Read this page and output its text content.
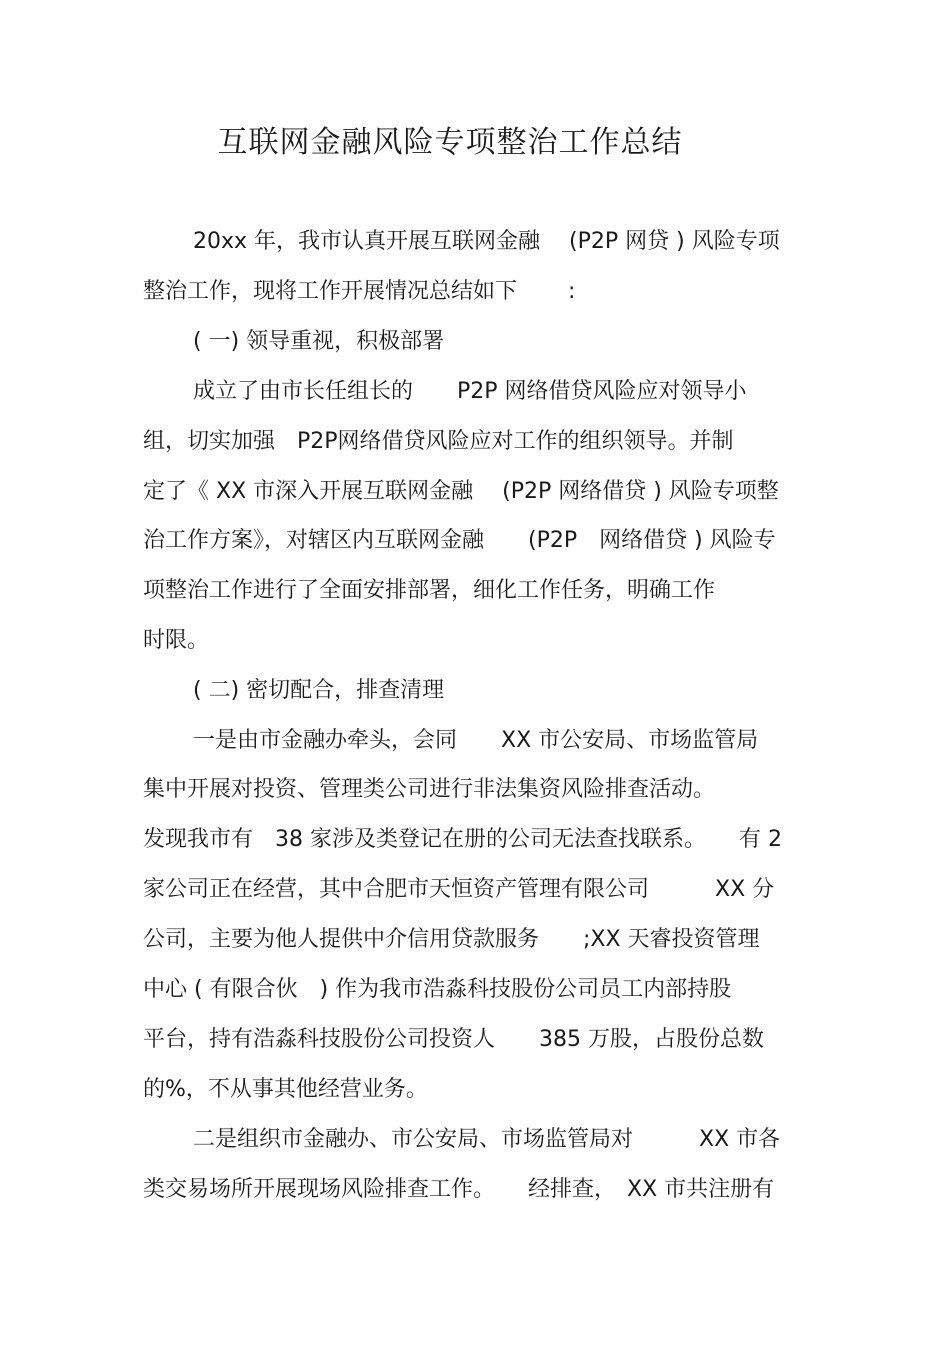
互联网金融风险专项整治工作总结
20xx 年，我市认真开展互联网金融　 (P2P 网贷 ) 风险专项
整治工作，现将工作开展情况总结如下　　 :
( 一) 领导重视，积极部署
成立了由市长任组长的　　P2P 网络借贷风险应对领导小
组，切实加强　P2P网络借贷风险应对工作的组织领导。并制
定了《 XX 市深入开展互联网金融　 (P2P 网络借贷 ) 风险专项整
治工作方案》，对辖区内互联网金融　　(P2P　网络借贷 ) 风险专
项整治工作进行了全面安排部署，细化工作任务，明确工作
时限。
( 二) 密切配合，排查清理
一是由市金融办牵头，会同　　XX 市公安局、市场监管局
集中开展对投资、管理类公司进行非法集资风险排查活动。
发现我市有　38 家涉及类登记在册的公司无法查找联系。　　有 2
家公司正在经营，其中合肥市天恒资产管理有限公司　　　XX 分
公司，主要为他人提供中介信用贷款服务　　;XX 天睿投资管理
中心 ( 有限合伙　) 作为我市浩淼科技股份公司员工内部持股
平台，持有浩淼科技股份公司投资人　　385 万股，占股份总数
的%，不从事其他经营业务。
二是组织市金融办、市公安局、市场监管局对　　　XX 市各
类交易场所开展现场风险排查工作。　　经排查，　XX 市共注册有
